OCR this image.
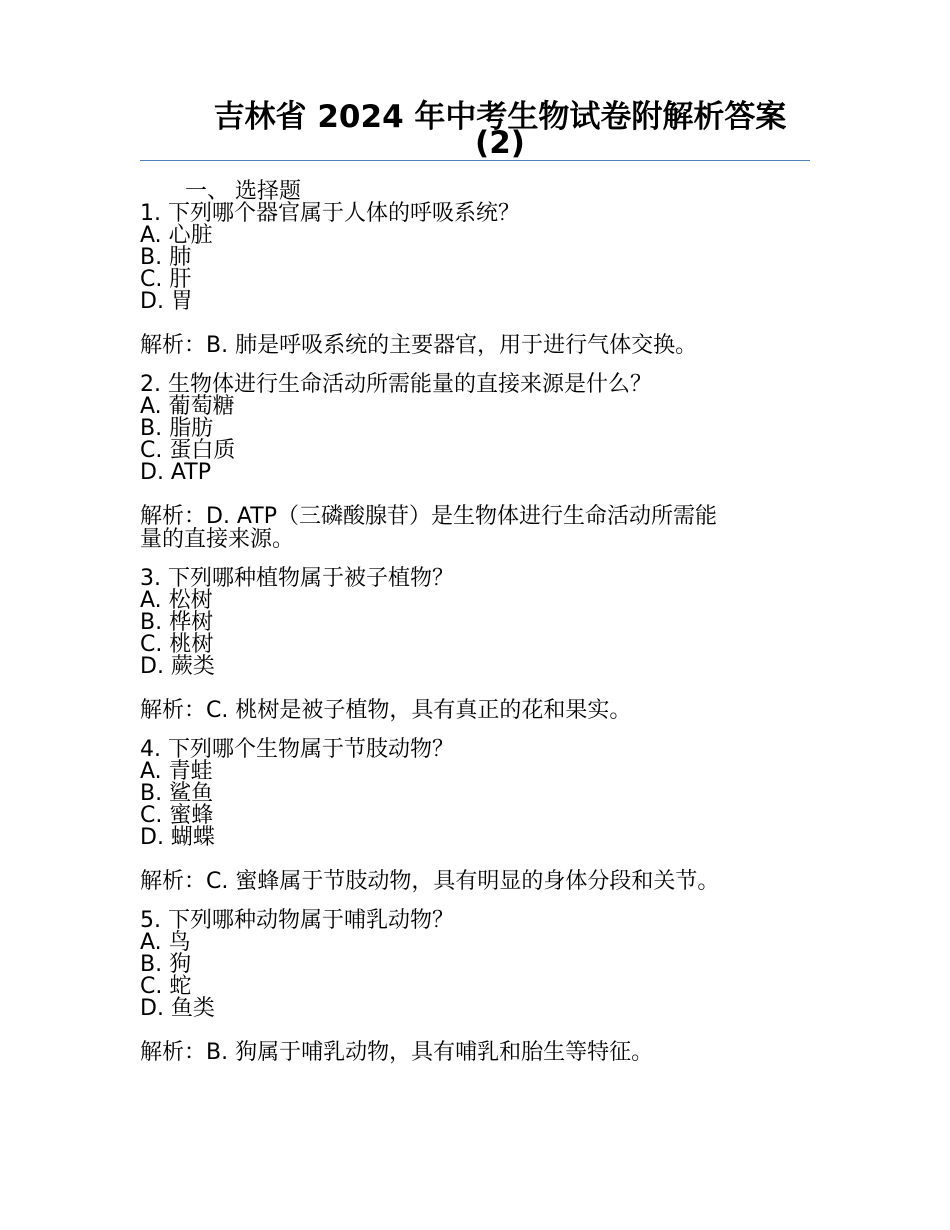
吉林省 2024 年中考生物试卷附解析答案
(2)
一、 选择题
1. 下列哪个器官属于人体的呼吸系统？
A. 心脏
B. 肺
C. 肝
D. 胃
解析：B. 肺是呼吸系统的主要器官，用于进行气体交换。
2. 生物体进行生命活动所需能量的直接来源是什么？
A. 葡萄糖
B. 脂肪
C. 蛋白质
D. ATP
解析：D. ATP（三磷酸腺苷）是生物体进行生命活动所需能
量的直接来源。
3. 下列哪种植物属于被子植物？
A. 松树
B. 桦树
C. 桃树
D. 蕨类
解析：C. 桃树是被子植物，具有真正的花和果实。
4. 下列哪个生物属于节肢动物？
A. 青蛙
B. 鲨鱼
C. 蜜蜂
D. 蝴蝶
解析：C. 蜜蜂属于节肢动物，具有明显的身体分段和关节。
5. 下列哪种动物属于哺乳动物？
A. 鸟
B. 狗
C. 蛇
D. 鱼类
解析：B. 狗属于哺乳动物，具有哺乳和胎生等特征。
